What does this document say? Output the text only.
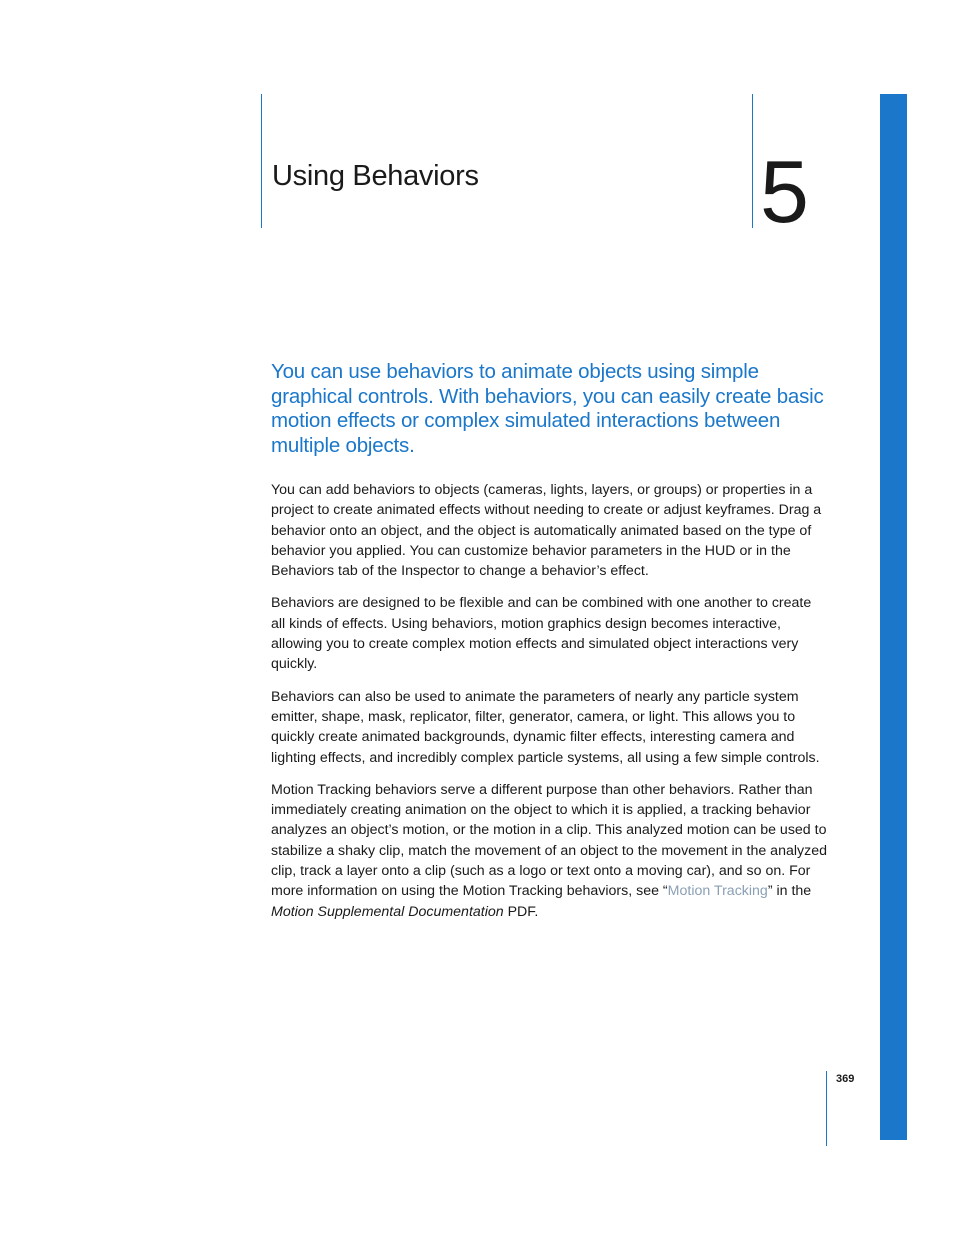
Using Behaviors	5

You can use behaviors to animate objects using simple graphical controls. With behaviors, you can easily create basic motion effects or complex simulated interactions between multiple objects.

You can add behaviors to objects (cameras, lights, layers, or groups) or properties in a project to create animated effects without needing to create or adjust keyframes. Drag a behavior onto an object, and the object is automatically animated based on the type of behavior you applied. You can customize behavior parameters in the HUD or in the Behaviors tab of the Inspector to change a behavior’s effect.

Behaviors are designed to be flexible and can be combined with one another to create all kinds of effects. Using behaviors, motion graphics design becomes interactive, allowing you to create complex motion effects and simulated object interactions very quickly.

Behaviors can also be used to animate the parameters of nearly any particle system emitter, shape, mask, replicator, filter, generator, camera, or light. This allows you to quickly create animated backgrounds, dynamic filter effects, interesting camera and lighting effects, and incredibly complex particle systems, all using a few simple controls.

Motion Tracking behaviors serve a different purpose than other behaviors. Rather than immediately creating animation on the object to which it is applied, a tracking behavior analyzes an object’s motion, or the motion in a clip. This analyzed motion can be used to stabilize a shaky clip, match the movement of an object to the movement in the analyzed clip, track a layer onto a clip (such as a logo or text onto a moving car), and so on. For more information on using the Motion Tracking behaviors, see “Motion Tracking” in the Motion Supplemental Documentation PDF.

369
